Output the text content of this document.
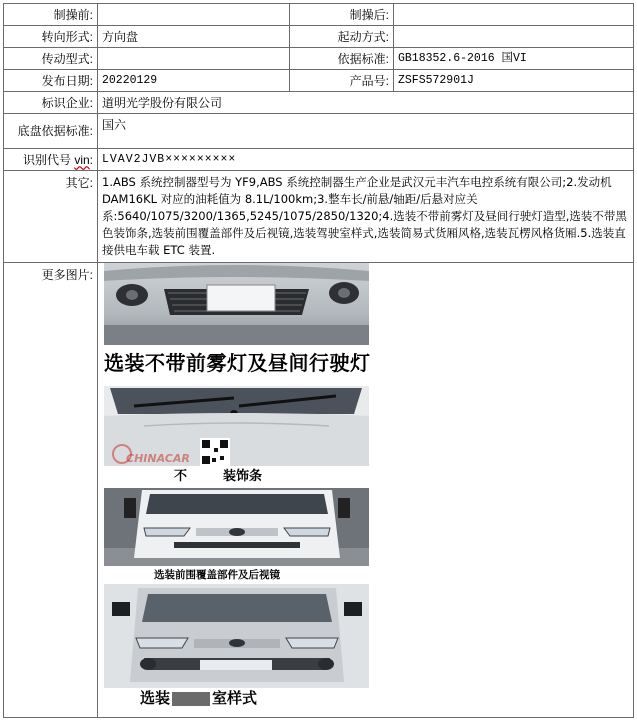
制操前:		制操后:	
转向形式:	方向盘	起动方式:	
传动型式:		依据标准:	GB18352.6-2016 国VI
发布日期:	20220129	产品号:	ZSFS572901J
标识企业:	道明光学股份有限公司		
底盘依据标准:	国六		
识别代号 vin:	LVAV2JVB×××××××××		
其它:	1.ABS 系统控制器型号为 YF9,ABS 系统控制器生产企业是武汉元丰汽车电控系统有限公司;2.发动机 DAM16KL 对应的油耗值为 8.1L/100km;3.整车长/前悬/轴距/后悬对应关系:5640/1075/3200/1365,5245/1075/2850/1320;4.选装不带前雾灯及昼间行驶灯造型,选装不带黑色装饰条,选装前围覆盖部件及后视镜,选装驾驶室样式,选装简易式货厢风格,选装瓦楞风格货厢.5.选装直接供电车载 ETC 装置.		
更多图片:	选装不带前雾灯及昼间行驶灯
不 装饰条
CHINACAR
选装前围覆盖部件及后视镜
选装 室样式		
